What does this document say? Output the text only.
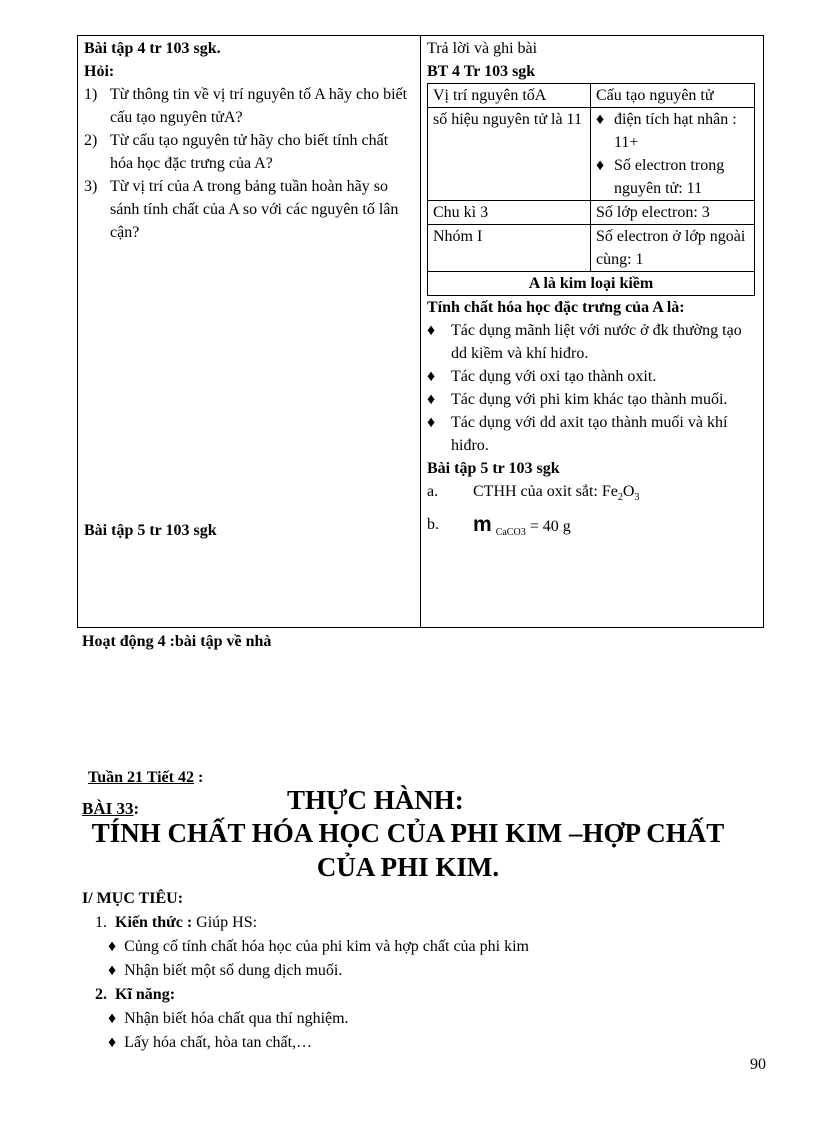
Bài tập 4 tr 103 sgk.
Hỏi:
1) Từ thông tin về vị trí nguyên tố A hãy cho biết cấu tạo nguyên tửA?
2) Từ cấu tạo nguyên tử hãy cho biết tính chất hóa học đặc trưng của A?
3) Từ vị trí của A trong bảng tuần hoàn hãy so sánh tính chất của A so với các nguyên tố lân cận?
Bài tập 5 tr 103 sgk
Trả lời và ghi bài
BT 4 Tr 103 sgk
Vị trí nguyên tốA	Cấu tạo nguyên tử
số hiệu nguyên tử là 11	♦ điện tích hạt nhân : 11+
♦ Số electron trong nguyên tử: 11

Chu kì 3	Số lớp electron: 3
Nhóm I	Số electron ở lớp ngoài cùng: 1
A là kim loại kiềm	
Tính chất hóa học đặc trưng của A là:
♦ Tác dụng mãnh liệt với nước ở đk thường tạo dd kiềm và khí hiđro.
♦ Tác dụng với oxi tạo thành oxit.
♦ Tác dụng với phi kim khác tạo thành muối.
♦ Tác dụng với dd axit tạo thành muối và khí hiđro.
Bài tập 5 tr 103 sgk
a.	CTHH của oxit sắt: $Fe_2O_3$
b.	m $_{CaCO3}$ = 40 g
Hoạt động 4 :bài tập về nhà
Tuần 21 Tiết 42 :
BÀI 33:	THỰC HÀNH:
TÍNH CHẤT HÓA HỌC CỦA PHI KIM –HỢP CHẤT
CỦA PHI KIM.
I/ MỤC TIÊU:
1. Kiến thức : Giúp HS:
♦ Củng cố tính chất hóa học của phi kim và hợp chất của phi kim
♦ Nhận biết một số dung dịch muối.
2. Kĩ năng:
♦ Nhận biết hóa chất qua thí nghiệm.
♦ Lấy hóa chất, hòa tan chất,…
90
